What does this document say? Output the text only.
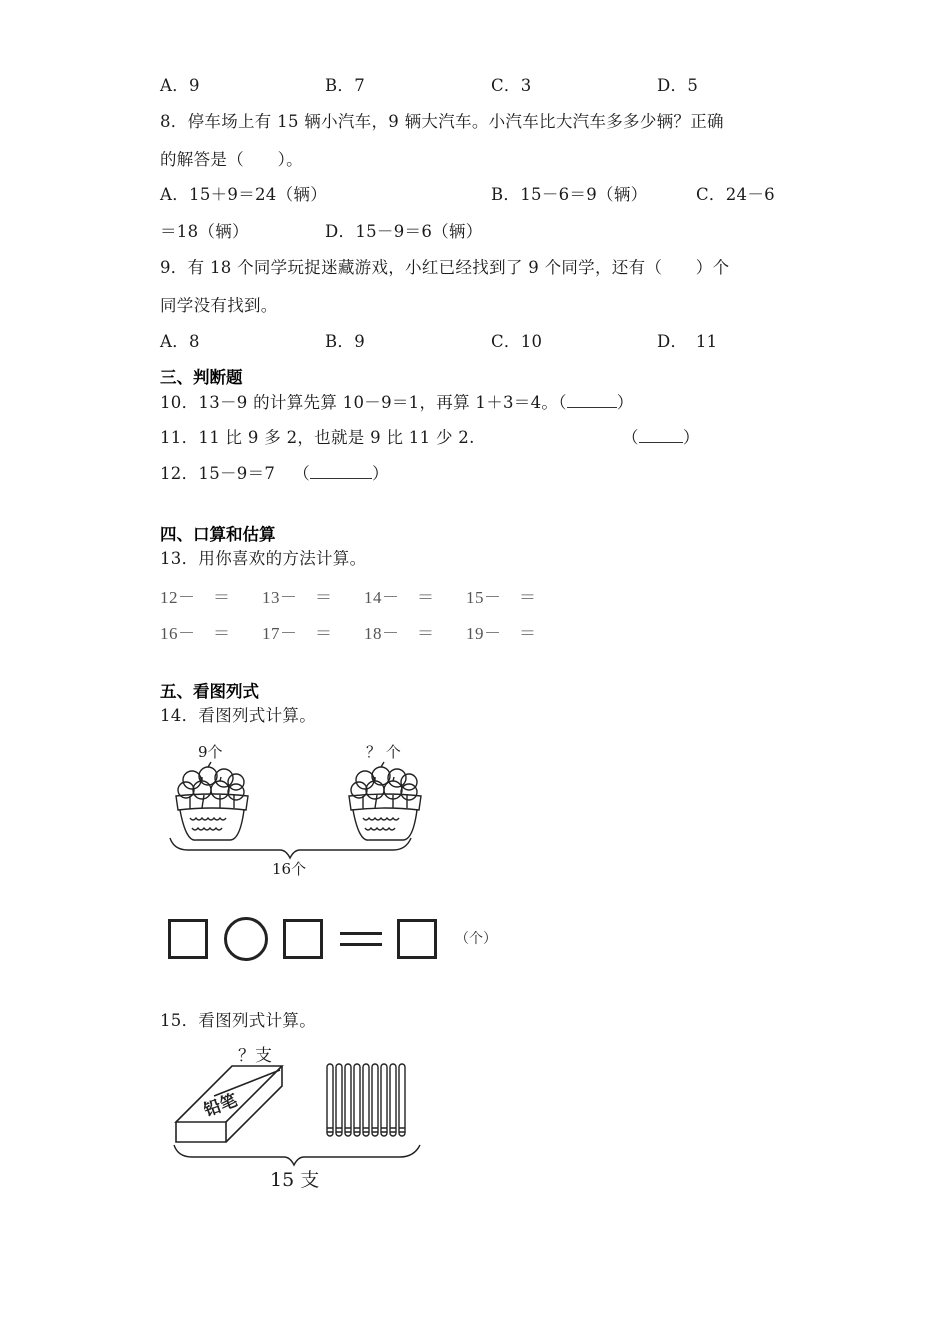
A．9	B．7	C．3	D．5
8．停车场上有 15 辆小汽车，9 辆大汽车。小汽车比大汽车多多少辆？正确
的解答是（　　）。
A．15＋9＝24（辆）	B．15－6＝9（辆）	C．24－6
＝18（辆）	D．15－9＝6（辆）
9．有 18 个同学玩捉迷藏游戏，小红已经找到了 9 个同学，还有（　　）个
同学没有找到。
A．8	B．9	C．10	D．　11
三、判断题
10．13－9 的计算先算 10－9＝1，再算 1＋3＝4。（	）
11．11 比 9 多 2，也就是 9 比 11 少 2.	（	）
12．15－9＝7 （	）
四、口算和估算
13．用你喜欢的方法计算。
12－　＝ 13－　＝ 14－　＝ 15－　＝
16－　＝ 17－　＝ 18－　＝ 19－　＝
五、看图列式
14．看图列式计算。
9个	？ 个
16个
（个）
15．看图列式计算。
？支
铅笔
15 支
